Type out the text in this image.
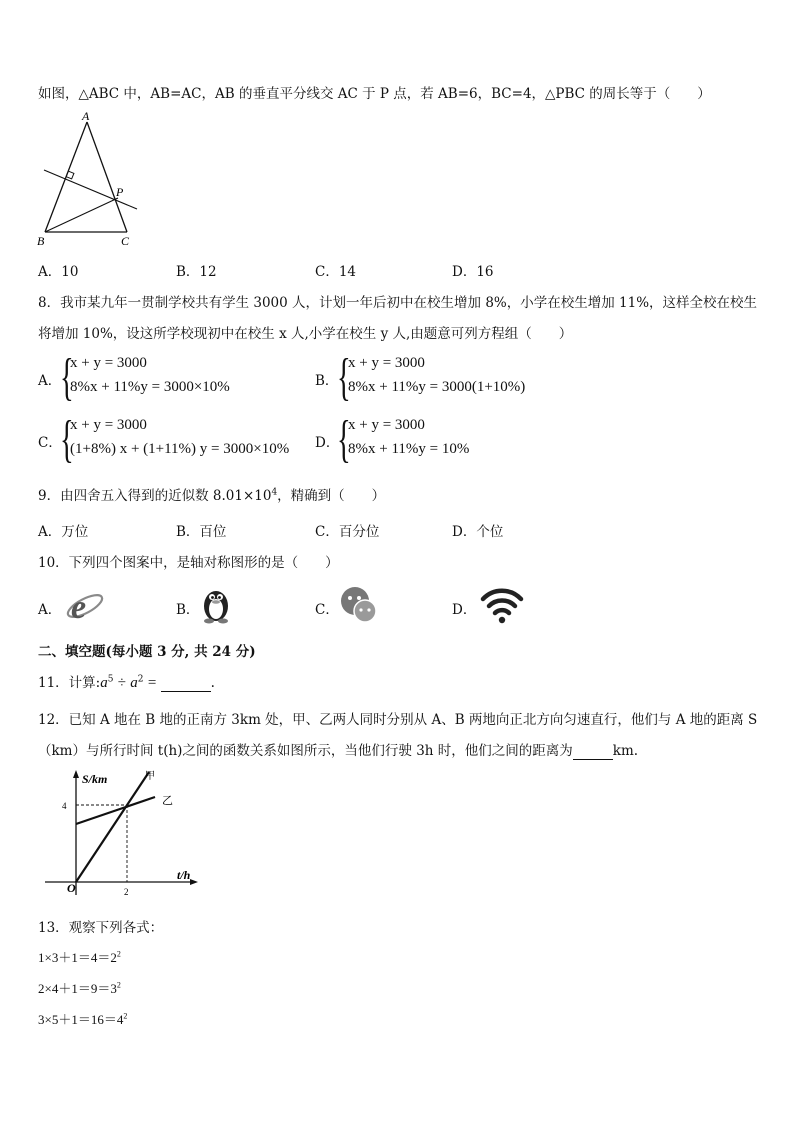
如图，△ABC 中，AB=AC，AB 的垂直平分线交 AC 于 P 点，若 AB=6，BC=4，△PBC 的周长等于（　　）
A
P
B	C
A．10	B．12	C．14	D．16
8．我市某九年一贯制学校共有学生 3000 人，计划一年后初中在校生增加 8%，小学在校生增加 11%，这样全校在校生
将增加 10%，设这所学校现初中在校生 x 人,小学在校生 y 人,由题意可列方程组（　　）
A．
{
x + y = 3000
8%x + 11%y = 3000×10%	B．
{
x + y = 3000
8%x + 11%y = 3000(1+10%)
C．
{
x + y = 3000
(1+8%) x + (1+11%) y = 3000×10% D．
{
x + y = 3000
8%x + 11%y = 10%
9．由四舍五入得到的近似数 $8.01\times 10^4$，精确到（　　）
A．万位	B．百位	C．百分位	D．个位
10．下列四个图案中，是轴对称图形的是（　　）
A． e	B．	C．	D．
二、填空题(每小题 3 分, 共 24 分)
11．计算$:a^5 \div a^2$ =	.
12．已知 A 地在 B 地的正南方 3km 处，甲、乙两人同时分别从 A、B 两地向正北方向匀速直行，他们与 A 地的距离 S
（km）与所行时间 t(h)之间的函数关系如图所示，当他们行驶 3h 时，他们之间的距离为	km.
S/km
t/h
O
4
2
甲
乙
13．观察下列各式：
$1\times 3+1=4=2^2$
$2\times 4+1=9=3^2$
$3\times 5+1=16=4^2$
